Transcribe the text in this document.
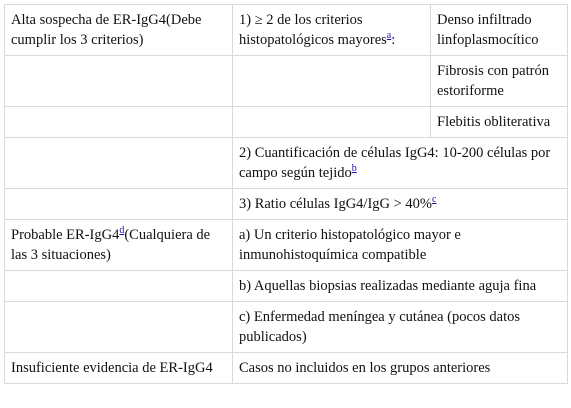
Alta sospecha de ER-IgG4(Debe cumplir los 3 criterios)	1) ≥ 2 de los criterios histopatológicos mayores$^a$:	Denso infiltrado linfoplasmocítico
		Fibrosis con patrón estoriforme
		Flebitis obliterativa
	2) Cuantificación de células IgG4: 10-200 células por campo según tejido$^b$
	3) Ratio células IgG4/IgG > 40%$^c$
Probable ER-IgG4$^d$(Cualquiera de las 3 situaciones)	a) Un criterio histopatológico mayor e inmunohistoquímica compatible	
	b) Aquellas biopsias realizadas mediante aguja fina	
	c) Enfermedad meníngea y cutánea (pocos datos publicados)	
Insuficiente evidencia de ER-IgG4	Casos no incluidos en los grupos anteriores	
